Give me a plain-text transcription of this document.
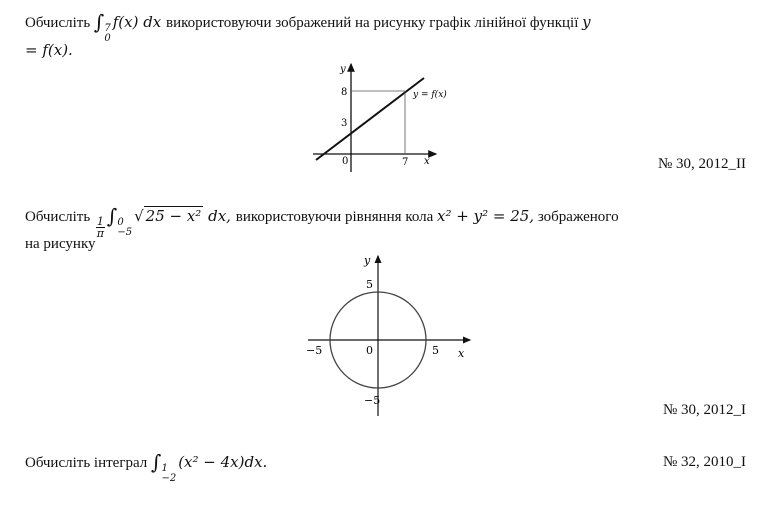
Обчисліть ∫ 7
0
f(x) dx використовуючи зображений на рисунку графік лінійної функції y
= f(x).
y
x
0
3
8
7
y = f(x)
№ 30, 2012_ІІ
Обчисліть $\frac{1}{\pi}$ ∫ 0
−5
√ 25 − x² dx, використовуючи рівняння кола x² + y² = 25, зображеного
на рисунку
y
x
0
5
−5
5
−5
№ 30, 2012_І
Обчисліть інтеграл ∫ 1
−2
(x² − 4x)dx.	№ 32, 2010_І
